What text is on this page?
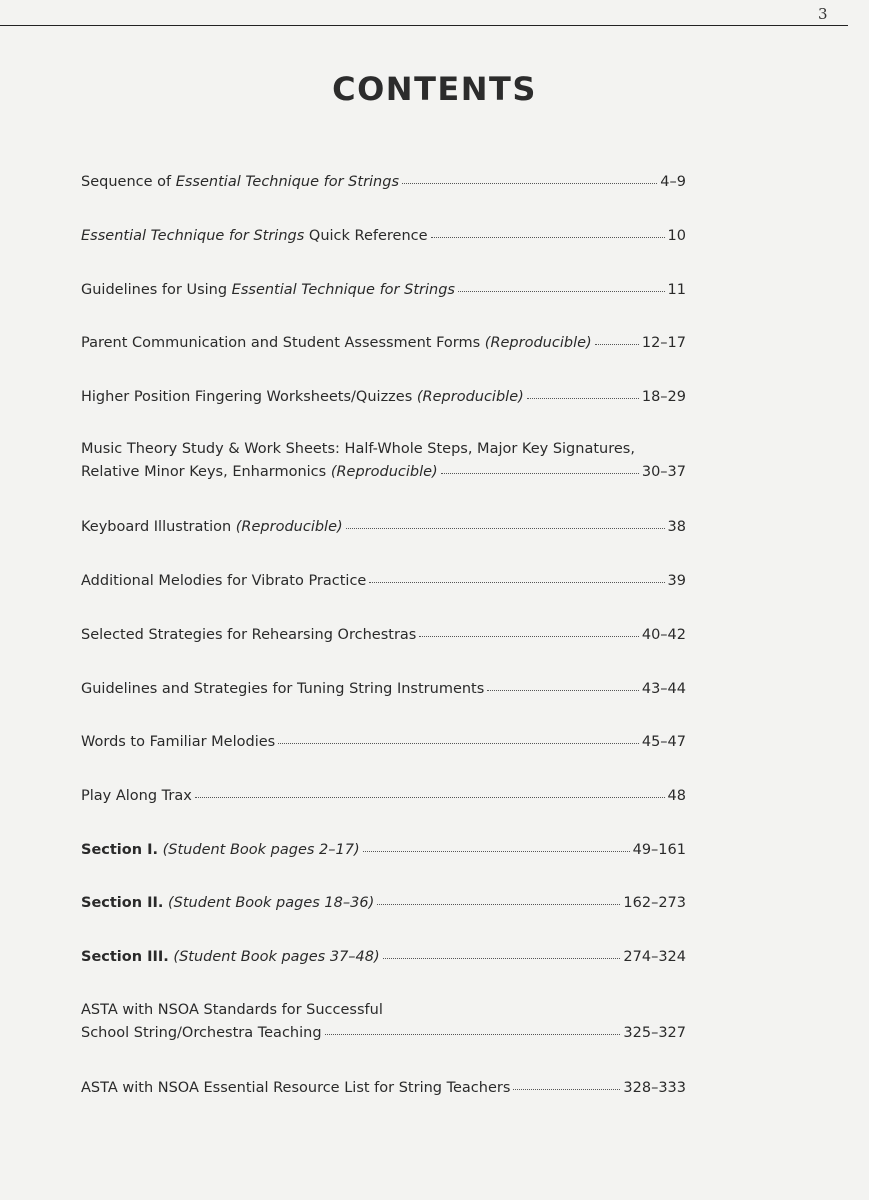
3
CONTENTS
Sequence of Essential Technique for Strings	4–9
Essential Technique for Strings Quick Reference	10
Guidelines for Using Essential Technique for Strings	11
Parent Communication and Student Assessment Forms (Reproducible)	12–17
Higher Position Fingering Worksheets/Quizzes (Reproducible)	18–29
Music Theory Study & Work Sheets: Half-Whole Steps, Major Key Signatures,
Relative Minor Keys, Enharmonics (Reproducible)	30–37
Keyboard Illustration (Reproducible)	38
Additional Melodies for Vibrato Practice	39
Selected Strategies for Rehearsing Orchestras	40–42
Guidelines and Strategies for Tuning String Instruments	43–44
Words to Familiar Melodies	45–47
Play Along Trax	48
Section I. (Student Book pages 2–17)	49–161
Section II. (Student Book pages 18–36)	162–273
Section III. (Student Book pages 37–48)	274–324
ASTA with NSOA Standards for Successful
School String/Orchestra Teaching	325–327
ASTA with NSOA Essential Resource List for String Teachers	328–333
